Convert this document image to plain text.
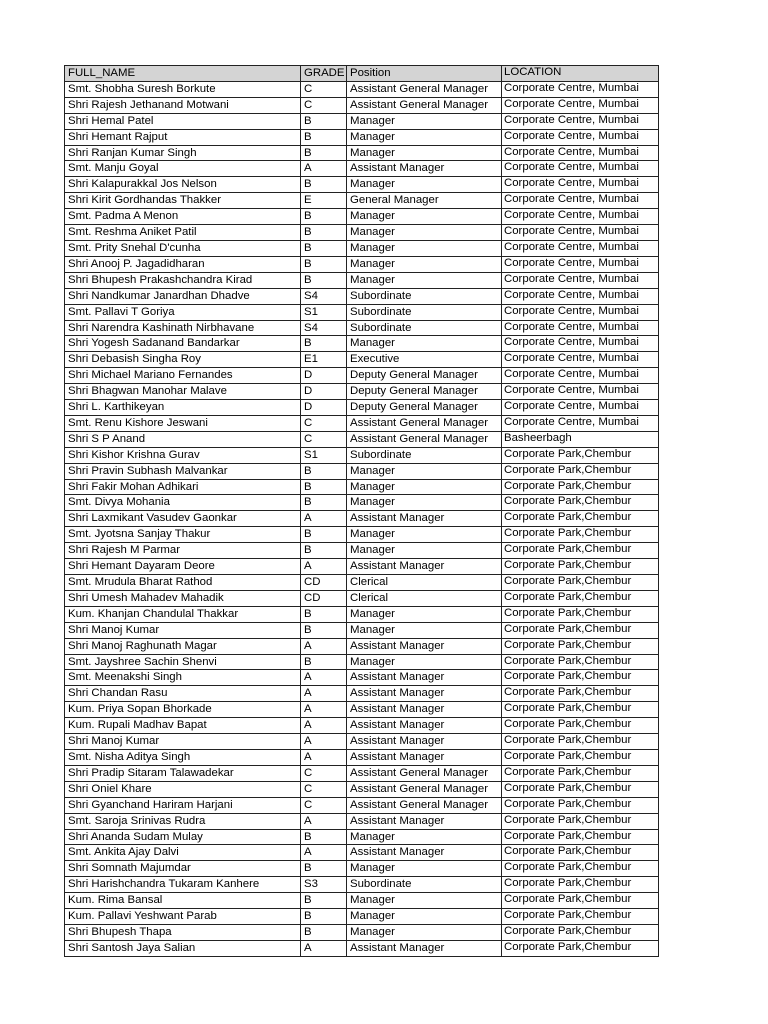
FULL_NAME	GRADE	Position	LOCATION
Smt. Shobha Suresh Borkute	C	Assistant General Manager	Corporate Centre, Mumbai
Shri Rajesh Jethanand Motwani	C	Assistant General Manager	Corporate Centre, Mumbai
Shri Hemal Patel	B	Manager	Corporate Centre, Mumbai
Shri Hemant Rajput	B	Manager	Corporate Centre, Mumbai
Shri Ranjan Kumar Singh	B	Manager	Corporate Centre, Mumbai
Smt. Manju Goyal	A	Assistant Manager	Corporate Centre, Mumbai
Shri Kalapurakkal Jos Nelson	B	Manager	Corporate Centre, Mumbai
Shri Kirit Gordhandas Thakker	E	General Manager	Corporate Centre, Mumbai
Smt. Padma A Menon	B	Manager	Corporate Centre, Mumbai
Smt. Reshma Aniket Patil	B	Manager	Corporate Centre, Mumbai
Smt. Prity Snehal D'cunha	B	Manager	Corporate Centre, Mumbai
Shri Anooj P. Jagadidharan	B	Manager	Corporate Centre, Mumbai
Shri Bhupesh Prakashchandra Kirad	B	Manager	Corporate Centre, Mumbai
Shri Nandkumar Janardhan Dhadve	S4	Subordinate	Corporate Centre, Mumbai
Smt. Pallavi T Goriya	S1	Subordinate	Corporate Centre, Mumbai
Shri Narendra Kashinath Nirbhavane	S4	Subordinate	Corporate Centre, Mumbai
Shri Yogesh Sadanand Bandarkar	B	Manager	Corporate Centre, Mumbai
Shri Debasish Singha Roy	E1	Executive	Corporate Centre, Mumbai
Shri Michael Mariano Fernandes	D	Deputy General Manager	Corporate Centre, Mumbai
Shri Bhagwan Manohar Malave	D	Deputy General Manager	Corporate Centre, Mumbai
Shri L. Karthikeyan	D	Deputy General Manager	Corporate Centre, Mumbai
Smt. Renu Kishore Jeswani	C	Assistant General Manager	Corporate Centre, Mumbai
Shri S P Anand	C	Assistant General Manager	Basheerbagh
Shri Kishor Krishna Gurav	S1	Subordinate	Corporate Park,Chembur
Shri Pravin Subhash Malvankar	B	Manager	Corporate Park,Chembur
Shri Fakir Mohan Adhikari	B	Manager	Corporate Park,Chembur
Smt. Divya Mohania	B	Manager	Corporate Park,Chembur
Shri Laxmikant Vasudev Gaonkar	A	Assistant Manager	Corporate Park,Chembur
Smt. Jyotsna Sanjay Thakur	B	Manager	Corporate Park,Chembur
Shri Rajesh M Parmar	B	Manager	Corporate Park,Chembur
Shri Hemant Dayaram Deore	A	Assistant Manager	Corporate Park,Chembur
Smt. Mrudula Bharat Rathod	CD	Clerical	Corporate Park,Chembur
Shri Umesh Mahadev Mahadik	CD	Clerical	Corporate Park,Chembur
Kum. Khanjan Chandulal Thakkar	B	Manager	Corporate Park,Chembur
Shri Manoj Kumar	B	Manager	Corporate Park,Chembur
Shri Manoj Raghunath Magar	A	Assistant Manager	Corporate Park,Chembur
Smt. Jayshree Sachin Shenvi	B	Manager	Corporate Park,Chembur
Smt. Meenakshi Singh	A	Assistant Manager	Corporate Park,Chembur
Shri Chandan Rasu	A	Assistant Manager	Corporate Park,Chembur
Kum. Priya Sopan Bhorkade	A	Assistant Manager	Corporate Park,Chembur
Kum. Rupali Madhav Bapat	A	Assistant Manager	Corporate Park,Chembur
Shri Manoj Kumar	A	Assistant Manager	Corporate Park,Chembur
Smt. Nisha Aditya Singh	A	Assistant Manager	Corporate Park,Chembur
Shri Pradip Sitaram Talawadekar	C	Assistant General Manager	Corporate Park,Chembur
Shri Oniel Khare	C	Assistant General Manager	Corporate Park,Chembur
Shri Gyanchand Hariram Harjani	C	Assistant General Manager	Corporate Park,Chembur
Smt. Saroja Srinivas Rudra	A	Assistant Manager	Corporate Park,Chembur
Shri Ananda Sudam Mulay	B	Manager	Corporate Park,Chembur
Smt. Ankita Ajay Dalvi	A	Assistant Manager	Corporate Park,Chembur
Shri Somnath Majumdar	B	Manager	Corporate Park,Chembur
Shri Harishchandra Tukaram Kanhere	S3	Subordinate	Corporate Park,Chembur
Kum. Rima Bansal	B	Manager	Corporate Park,Chembur
Kum. Pallavi Yeshwant Parab	B	Manager	Corporate Park,Chembur
Shri Bhupesh Thapa	B	Manager	Corporate Park,Chembur
Shri Santosh Jaya Salian	A	Assistant Manager	Corporate Park,Chembur
